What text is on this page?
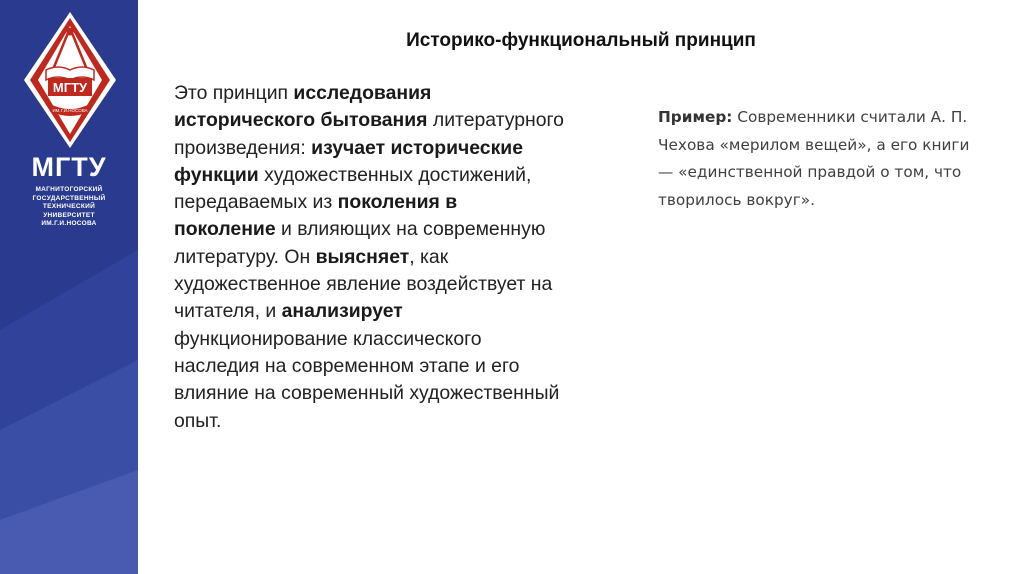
МГТУ
ИМ.Г.И.НОСОВА
МГТУ
МАГНИТОГОРСКИЙ
ГОСУДАРСТВЕННЫЙ
ТЕХНИЧЕСКИЙ
УНИВЕРСИТЕТ
ИМ.Г.И.НОСОВА
Историко-функциональный принцип
Это принцип исследования исторического бытования литературного произведения: изучает исторические функции художественных достижений, передаваемых из поколения в поколение и влияющих на современную литературу. Он выясняет, как художественное явление воздействует на читателя, и анализирует функционирование классического наследия на современном этапе и его влияние на современный художественный опыт.
Пример: Современники считали А. П. Чехова «мерилом вещей», а его книги — «единственной правдой о том, что творилось вокруг».
